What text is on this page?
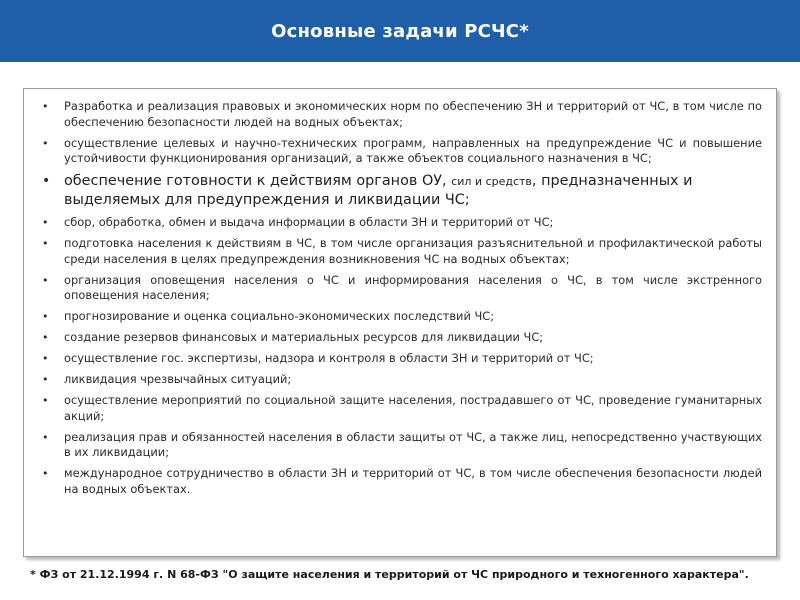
Основные задачи РСЧС*
• Разработка и реализация правовых и экономических норм по обеспечению ЗН и территорий от ЧС, в том числе по обеспечению безопасности людей на водных объектах;
• осуществление целевых и научно-технических программ, направленных на предупреждение ЧС и повышение устойчивости функционирования организаций, а также объектов социального назначения в ЧС;
• обеспечение готовности к действиям органов ОУ, сил и средств, предназначенных и выделяемых для предупреждения и ликвидации ЧС;
• сбор, обработка, обмен и выдача информации в области ЗН и территорий от ЧС;
• подготовка населения к действиям в ЧС, в том числе организация разъяснительной и профилактической работы среди населения в целях предупреждения возникновения ЧС на водных объектах;
• организация оповещения населения о ЧС и информирования населения о ЧС, в том числе экстренного оповещения населения;
• прогнозирование и оценка социально-экономических последствий ЧС;
• создание резервов финансовых и материальных ресурсов для ликвидации ЧС;
• осуществление гос. экспертизы, надзора и контроля в области ЗН и территорий от ЧС;
• ликвидация чрезвычайных ситуаций;
• осуществление мероприятий по социальной защите населения, пострадавшего от ЧС, проведение гуманитарных акций;
• реализация прав и обязанностей населения в области защиты от ЧС, а также лиц, непосредственно участвующих в их ликвидации;
• международное сотрудничество в области ЗН и территорий от ЧС, в том числе обеспечения безопасности людей на водных объектах.
* ФЗ от 21.12.1994 г. N 68-ФЗ "О защите населения и территорий от ЧС природного и техногенного характера".
